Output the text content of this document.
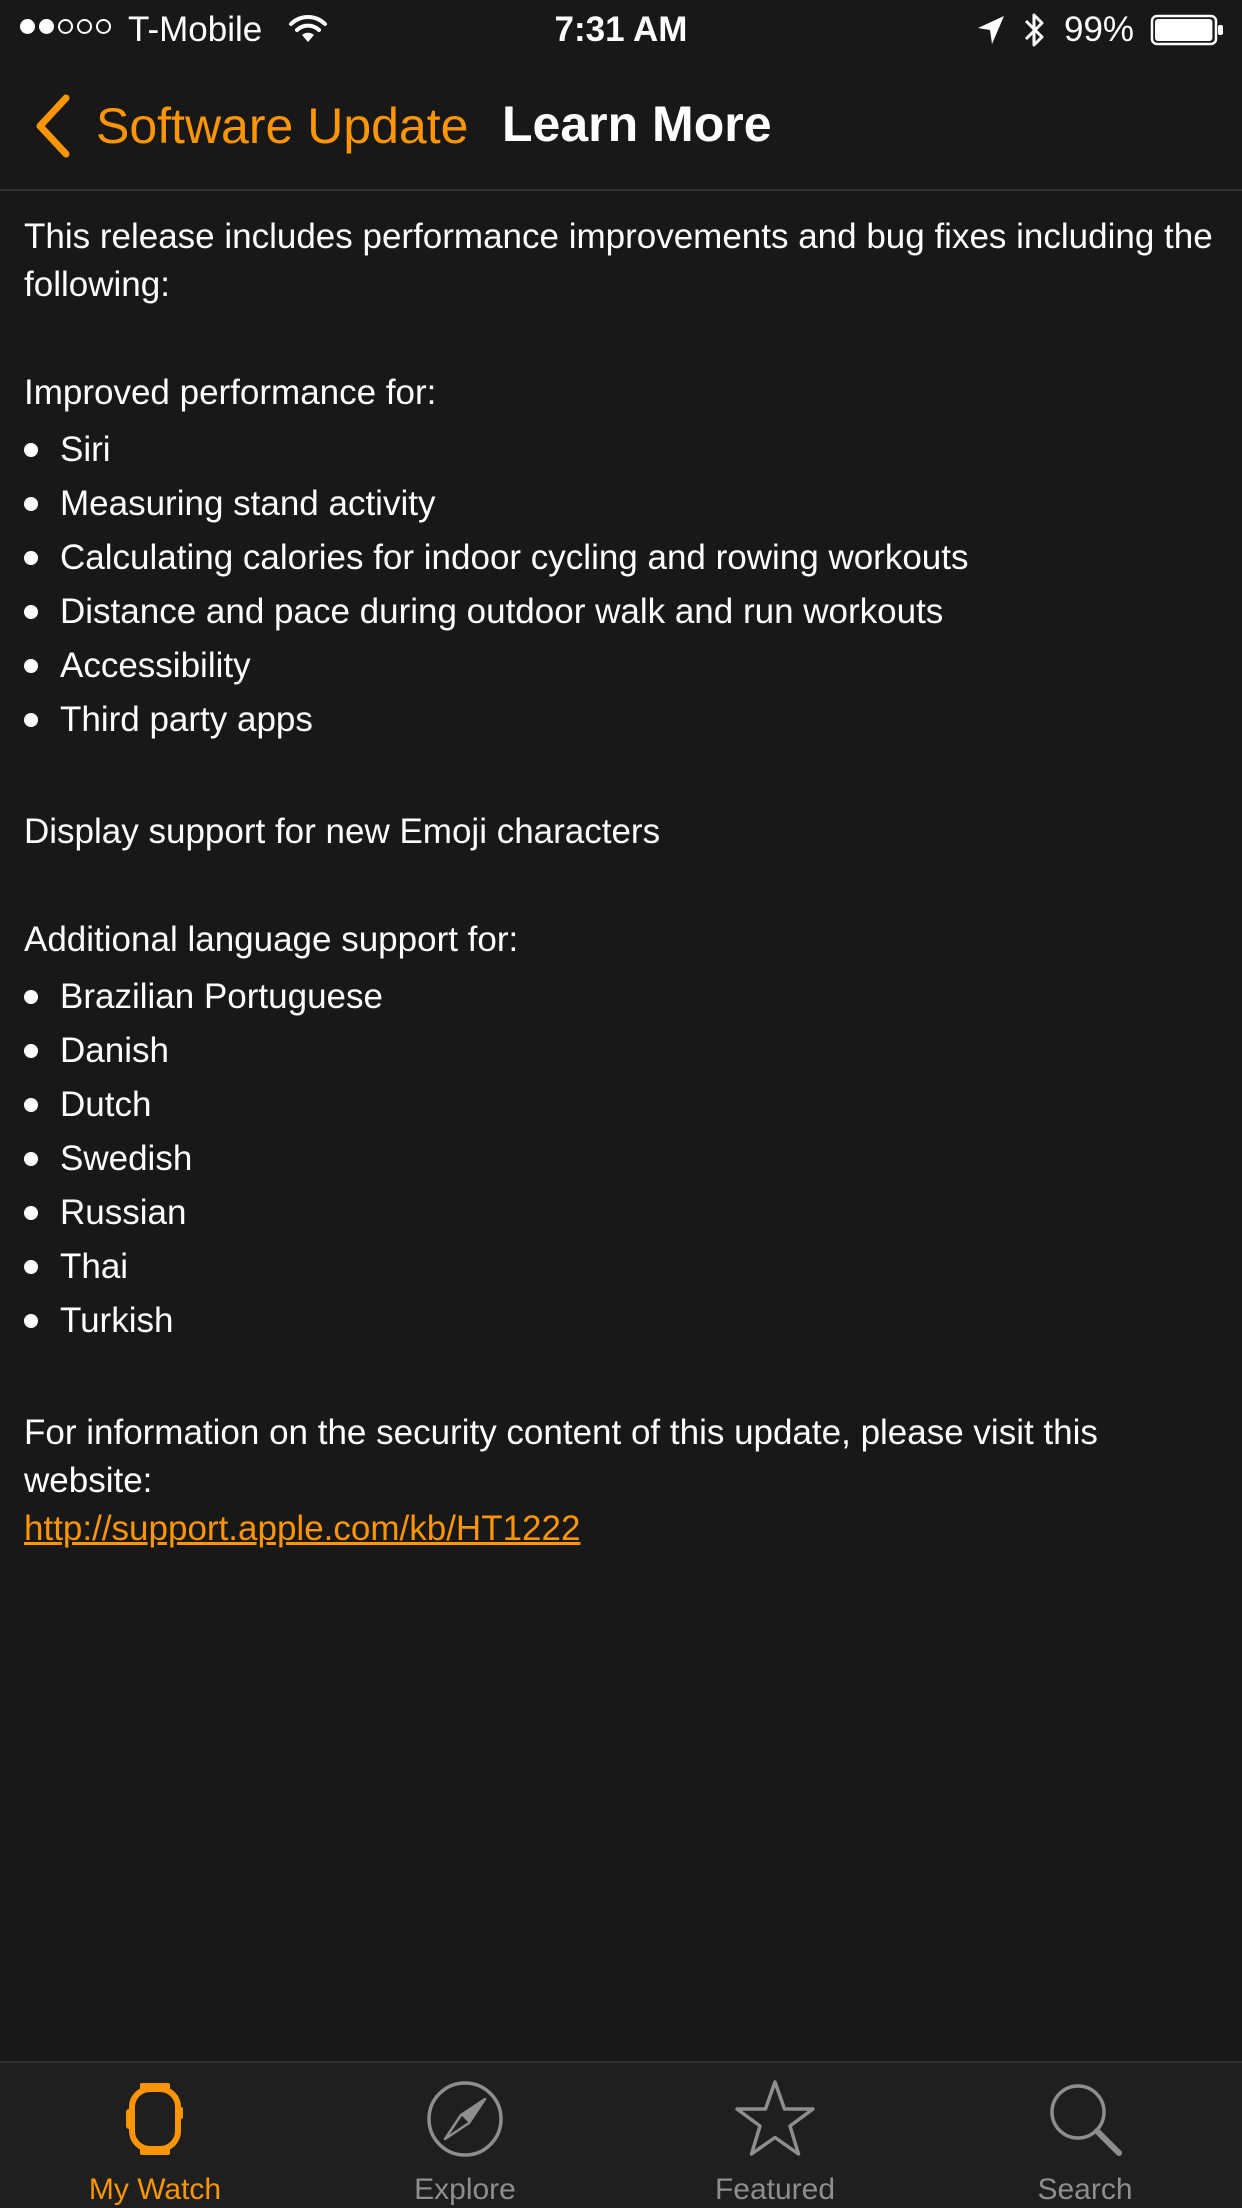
T-Mobile	7:31 AM	99%
Software Update Learn More

This release includes performance improvements and bug fixes including the following:

Improved performance for:

Siri
Measuring stand activity
Calculating calories for indoor cycling and rowing workouts
Distance and pace during outdoor walk and run workouts
Accessibility
Third party apps

Display support for new Emoji characters

Additional language support for:

Brazilian Portuguese
Danish
Dutch
Swedish
Russian
Thai
Turkish

For information on the security content of this update, please visit this website:

http://support.apple.com/kb/HT1222
My Watch	Explore	Featured	Search
